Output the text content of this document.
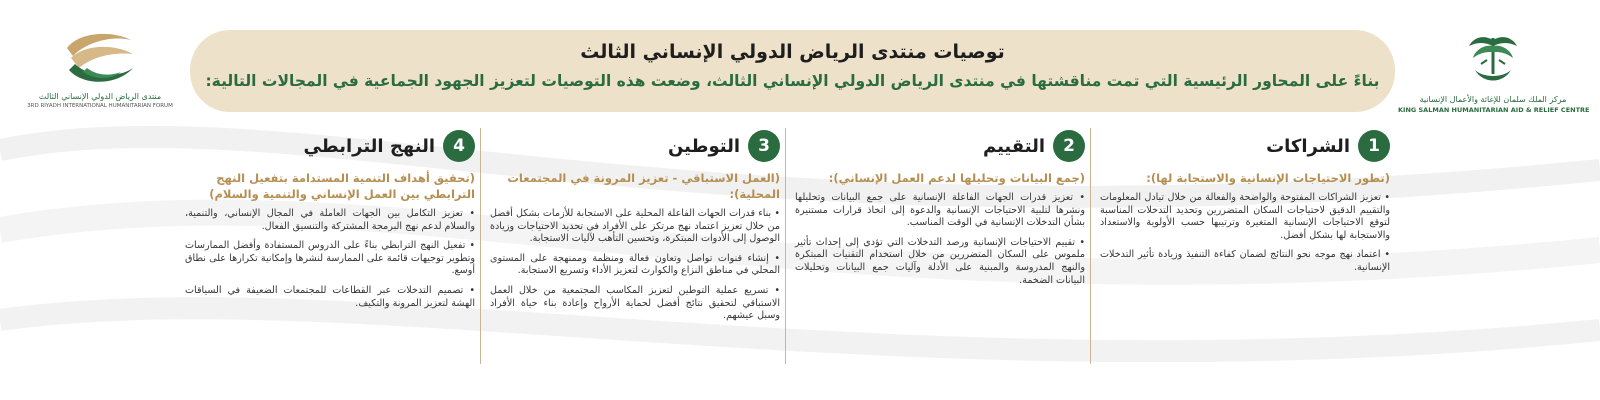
منتدى الرياض الدولي الإنساني الثالث
3RD RIYADH INTERNATIONAL HUMANITARIAN FORUM
توصيات منتدى الرياض الدولي الإنساني الثالث
بناءً على المحاور الرئيسية التي تمت مناقشتها في منتدى الرياض الدولي الإنساني الثالث، وضعت هذه التوصيات لتعزيز الجهود الجماعية في المجالات التالية:
مركز الملك سلمان للإغاثة والأعمال الإنسانية
KING SALMAN HUMANITARIAN AID & RELIEF CENTRE
1
الشراكات
(تطور الاحتياجات الإنسانية والاستجابة لها):
• تعزيز الشراكات المفتوحة والواضحة والفعالة من خلال تبادل المعلومات والتقييم الدقيق لاحتياجات السكان المتضررين وتحديد التدخلات المناسبة لتوقع الاحتياجات الإنسانية المتغيرة وترتيبها حسب الأولوية والاستعداد والاستجابة لها بشكل أفضل.
• اعتماد نهج موجه نحو النتائج لضمان كفاءة التنفيذ وزيادة تأثير التدخلات الإنسانية.
2
التقييم
(جمع البيانات وتحليلها لدعم العمل الإنساني):
• تعزيز قدرات الجهات الفاعلة الإنسانية على جمع البيانات وتحليلها ونشرها لتلبية الاحتياجات الإنسانية والدعوة إلى اتخاذ قرارات مستنيرة بشأن التدخلات الإنسانية في الوقت المناسب.
• تقييم الاحتياجات الإنسانية ورصد التدخلات التي تؤدي إلى إحداث تأثير ملموس على السكان المتضررين من خلال استخدام التقنيات المبتكرة والنهج المدروسة والمبنية على الأدلة وآليات جمع البيانات وتحليلات البيانات الضخمة.
3
التوطين
(العمل الاستباقي - تعزيز المرونة في المجتمعات المحلية):
• بناء قدرات الجهات الفاعلة المحلية على الاستجابة للأزمات بشكل أفضل من خلال تعزيز اعتماد نهج مرتكز على الأفراد في تحديد الاحتياجات وزيادة الوصول إلى الأدوات المبتكرة، وتحسين التأهب لآليات الاستجابة.
• إنشاء قنوات تواصل وتعاون فعالة ومنظمة وممنهجة على المستوى المحلي في مناطق النزاع والكوارث لتعزيز الأداء وتسريع الاستجابة.
• تسريع عملية التوطين لتعزيز المكاسب المجتمعية من خلال العمل الاستباقي لتحقيق نتائج أفضل لحماية الأرواح وإعادة بناء حياة الأفراد وسبل عيشهم.
4
النهج الترابطي
(تحقيق أهداف التنمية المستدامة بتفعيل النهج الترابطي بين العمل الإنساني والتنمية والسلام)
• تعزيز التكامل بين الجهات العاملة في المجال الإنساني، والتنمية، والسلام لدعم نهج البرمجة المشتركة والتنسيق الفعال.
• تفعيل النهج الترابطي بناءً على الدروس المستفادة وأفضل الممارسات وتطوير توجيهات قائمة على الممارسة لنشرها وإمكانية تكرارها على نطاق أوسع.
• تصميم التدخلات عبر القطاعات للمجتمعات الضعيفة في السياقات الهشة لتعزيز المرونة والتكيف.
